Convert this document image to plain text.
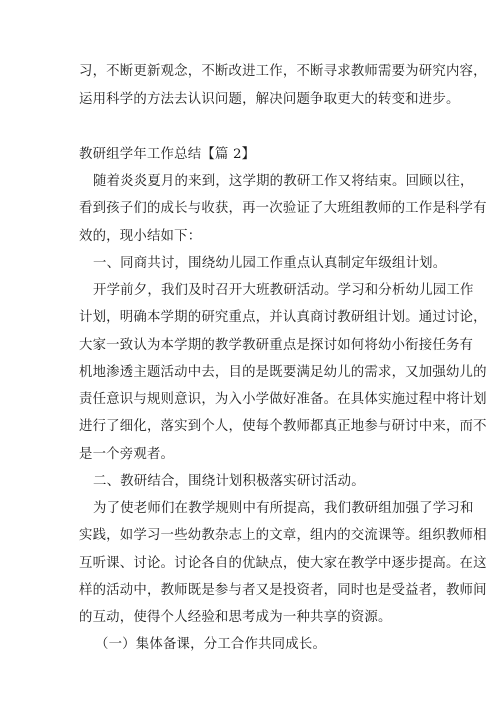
习，不断更新观念，不断改进工作，不断寻求教师需要为研究内容，
运用科学的方法去认识问题，解决问题争取更大的转变和进步。
教研组学年工作总结【篇 2】
随着炎炎夏月的来到，这学期的教研工作又将结束。回顾以往，
看到孩子们的成长与收获，再一次验证了大班组教师的工作是科学有
效的，现小结如下：
一、同商共讨，围绕幼儿园工作重点认真制定年级组计划。
开学前夕，我们及时召开大班教研活动。学习和分析幼儿园工作
计划，明确本学期的研究重点，并认真商讨教研组计划。通过讨论，
大家一致认为本学期的教学教研重点是探讨如何将幼小衔接任务有
机地渗透主题活动中去，目的是既要满足幼儿的需求，又加强幼儿的
责任意识与规则意识，为入小学做好准备。在具体实施过程中将计划
进行了细化，落实到个人，使每个教师都真正地参与研讨中来，而不
是一个旁观者。
二、教研结合，围绕计划积极落实研讨活动。
为了使老师们在教学规则中有所提高，我们教研组加强了学习和
实践，如学习一些幼教杂志上的文章，组内的交流课等。组织教师相
互听课、讨论。讨论各自的优缺点，使大家在教学中逐步提高。在这
样的活动中，教师既是参与者又是投资者，同时也是受益者，教师间
的互动，使得个人经验和思考成为一种共享的资源。
（一）集体备课，分工合作共同成长。
